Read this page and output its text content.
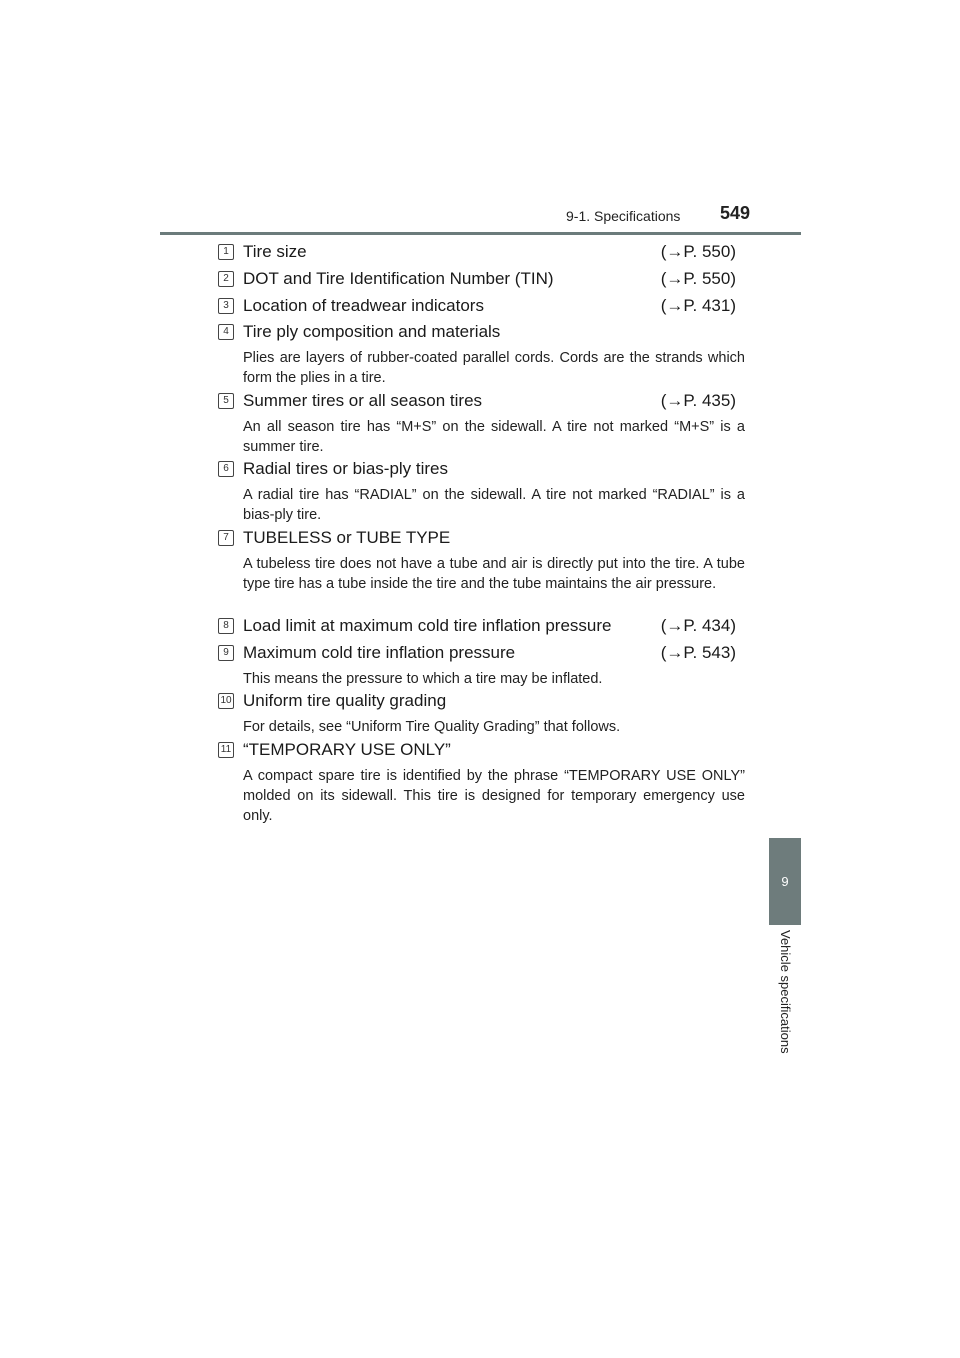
9-1. Specifications 549
9
Vehicle specifications
1 Tire size	(→P. 550)
2 DOT and Tire Identification Number (TIN)	(→P. 550)
3 Location of treadwear indicators	(→P. 431)
4 Tire ply composition and materials
Plies are layers of rubber-coated parallel cords. Cords are the strands which form the plies in a tire.
5 Summer tires or all season tires	(→P. 435)
An all season tire has “M+S” on the sidewall. A tire not marked “M+S” is a summer tire.
6 Radial tires or bias-ply tires
A radial tire has “RADIAL” on the sidewall. A tire not marked “RADIAL” is a bias-ply tire.
7 TUBELESS or TUBE TYPE
A tubeless tire does not have a tube and air is directly put into the tire. A tube type tire has a tube inside the tire and the tube maintains the air pressure.
8 Load limit at maximum cold tire inflation pressure	(→P. 434)
9 Maximum cold tire inflation pressure	(→P. 543)
This means the pressure to which a tire may be inflated.
10 Uniform tire quality grading
For details, see “Uniform Tire Quality Grading” that follows.
11 “TEMPORARY USE ONLY”
A compact spare tire is identified by the phrase “TEMPORARY USE ONLY” molded on its sidewall. This tire is designed for temporary emergency use only.
